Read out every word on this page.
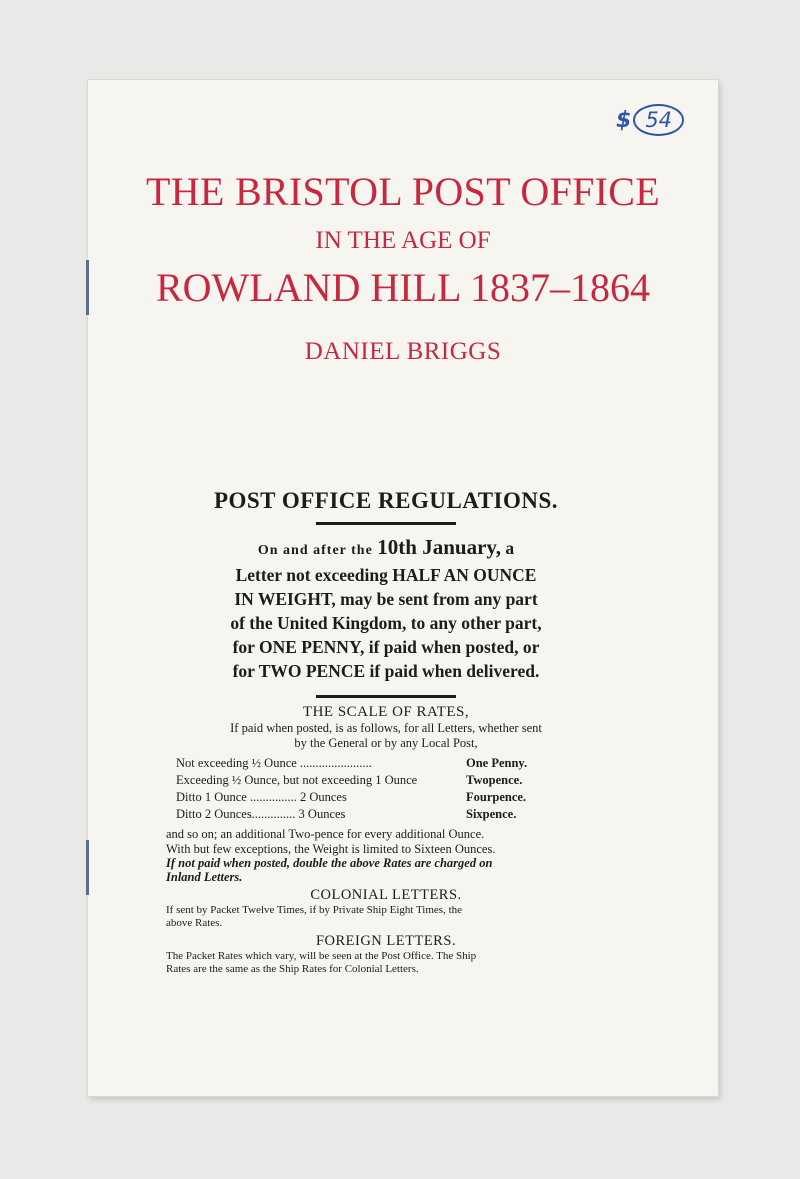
$ 54
THE BRISTOL POST OFFICE
IN THE AGE OF
ROWLAND HILL 1837–1864
DANIEL BRIGGS
POST OFFICE REGULATIONS.
On and after the 10th January, a
Letter not exceeding HALF AN OUNCE
IN WEIGHT, may be sent from any part
of the United Kingdom, to any other part,
for ONE PENNY, if paid when posted, or
for TWO PENCE if paid when delivered.
THE SCALE OF RATES,
If paid when posted, is as follows, for all Letters, whether sent
by the General or by any Local Post,
Not exceeding ½ Ounce .......................	One Penny.
Exceeding ½ Ounce, but not exceeding 1 Ounce	Twopence.
Ditto 1 Ounce ............... 2 Ounces	Fourpence.
Ditto 2 Ounces.............. 3 Ounces	Sixpence.
and so on; an additional Two-pence for every additional Ounce.
With but few exceptions, the Weight is limited to Sixteen Ounces.
If not paid when posted, double the above Rates are charged on
Inland Letters.
COLONIAL LETTERS.
If sent by Packet Twelve Times, if by Private Ship Eight Times, the
above Rates.
FOREIGN LETTERS.
The Packet Rates which vary, will be seen at the Post Office. The Ship
Rates are the same as the Ship Rates for Colonial Letters.
